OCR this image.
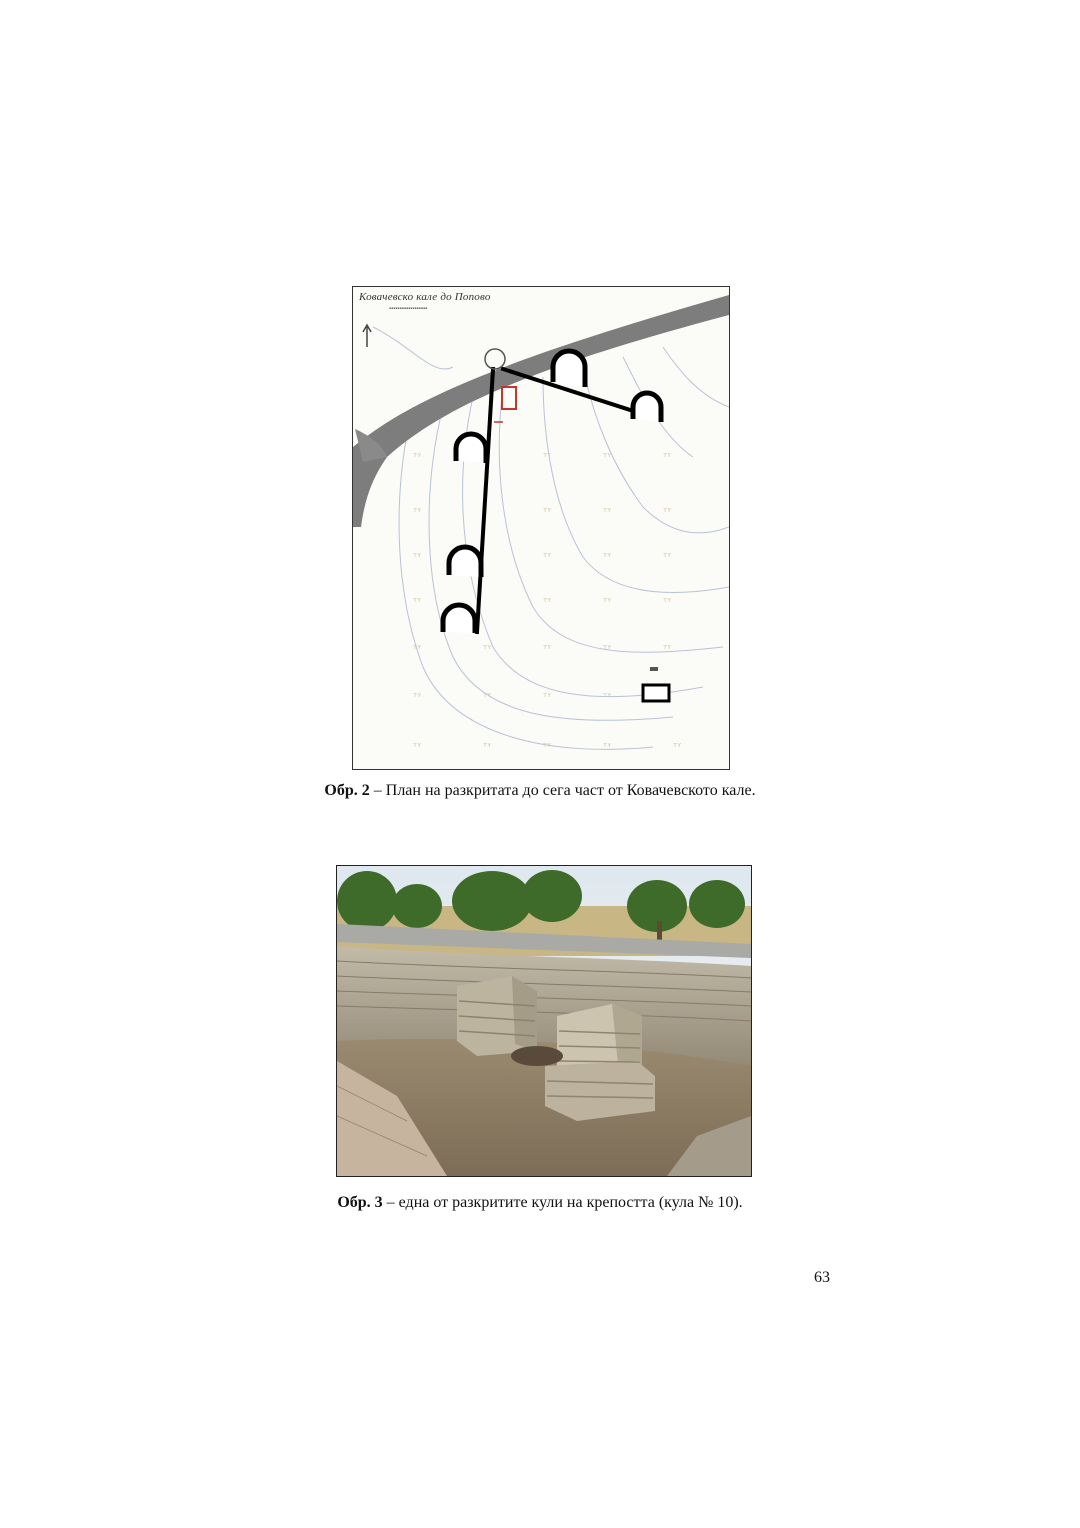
ᴛʏ	ᴛʏ	ᴛʏ	ᴛʏ
ᴛʏ	ᴛʏ	ᴛʏ	ᴛʏ
ᴛʏ	ᴛʏ	ᴛʏ	ᴛʏ
ᴛʏ	ᴛʏ	ᴛʏ	ᴛʏ
ᴛʏ	ᴛʏ	ᴛʏ	ᴛʏ	ᴛʏ
ᴛʏ	ᴛʏ	ᴛʏ	ᴛʏ
ᴛʏ	ᴛʏ	ᴛʏ	ᴛʏ	ᴛʏ
Ковачевско кале до Попово
▪▪▪▪▪▪▪▪▪▪▪▪▪▪▪▪▪▪
Обр. 2 – План на разкритата до сега част от Ковачевското кале.
Обр. 3 – една от разкритите кули на крепостта (кула № 10).
63
